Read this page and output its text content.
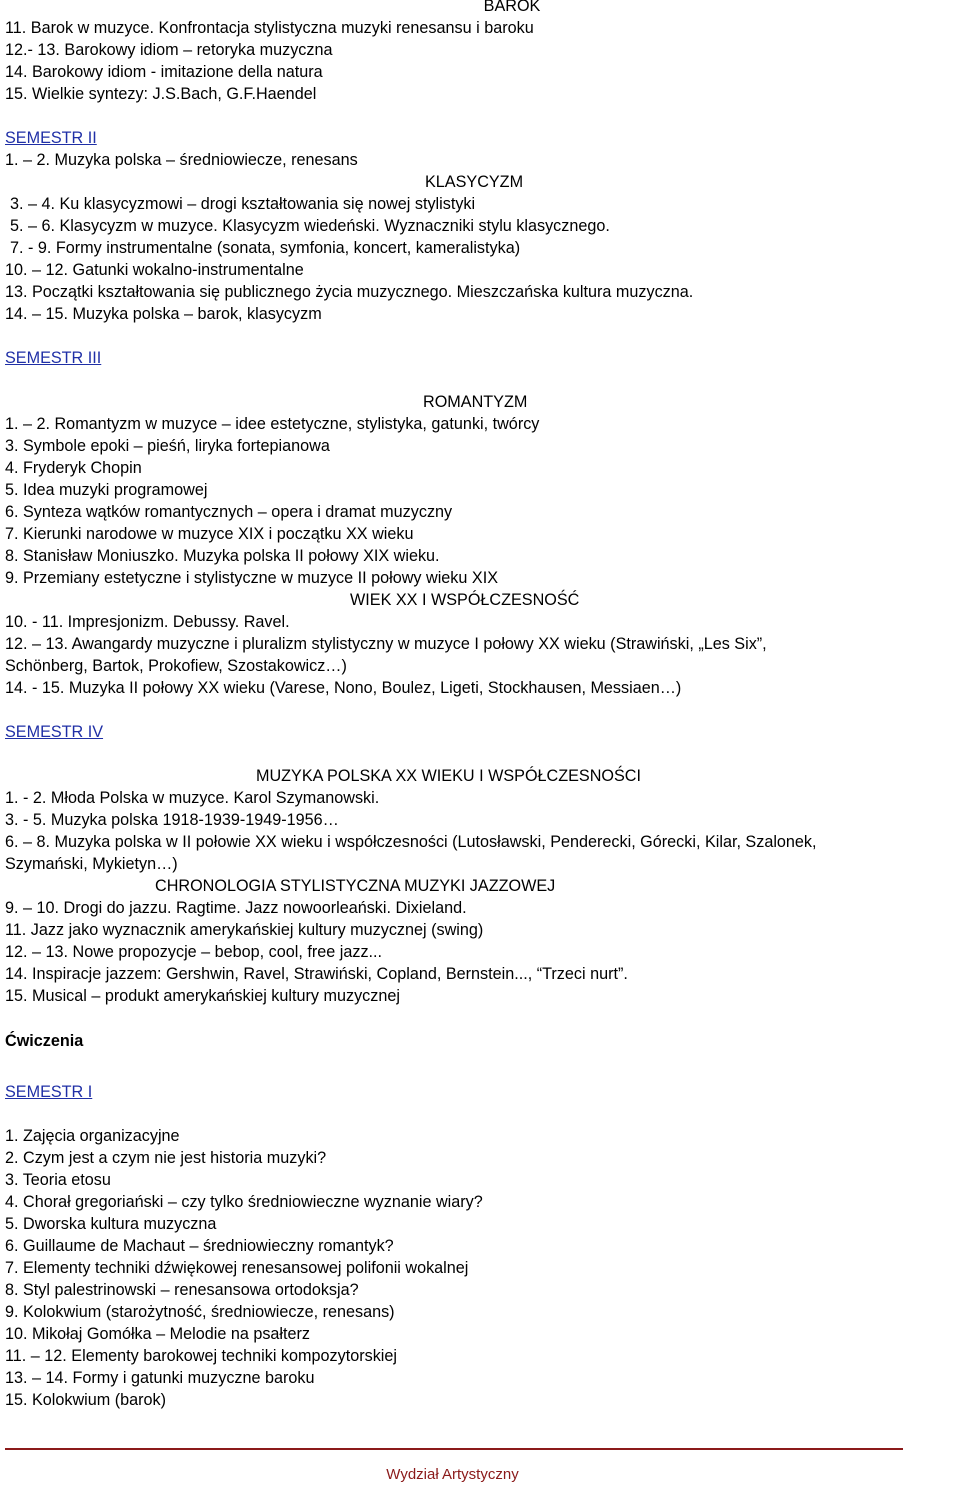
BAROK
11. Barok w muzyce. Konfrontacja stylistyczna muzyki renesansu i baroku
12.- 13. Barokowy idiom – retoryka muzyczna
14. Barokowy idiom - imitazione della natura
15. Wielkie syntezy: J.S.Bach, G.F.Haendel
SEMESTR II
1. – 2. Muzyka polska – średniowiecze, renesans
KLASYCYZM
3. – 4. Ku klasycyzmowi – drogi kształtowania się nowej stylistyki
5. – 6. Klasycyzm w muzyce. Klasycyzm wiedeński. Wyznaczniki stylu klasycznego.
7. - 9. Formy instrumentalne (sonata, symfonia, koncert, kameralistyka)
10. – 12. Gatunki wokalno-instrumentalne
13. Początki kształtowania się publicznego życia muzycznego. Mieszczańska kultura muzyczna.
14. – 15. Muzyka polska – barok, klasycyzm
SEMESTR III
ROMANTYZM
1. – 2. Romantyzm w muzyce – idee estetyczne, stylistyka, gatunki, twórcy
3. Symbole epoki – pieśń, liryka fortepianowa
4. Fryderyk Chopin
5. Idea muzyki programowej
6. Synteza wątków romantycznych – opera i dramat muzyczny
7. Kierunki narodowe w muzyce XIX i początku XX wieku
8. Stanisław Moniuszko. Muzyka polska II połowy XIX wieku.
9. Przemiany estetyczne i stylistyczne w muzyce II połowy wieku XIX
WIEK XX I WSPÓŁCZESNOŚĆ
10. - 11. Impresjonizm. Debussy. Ravel.
12. – 13. Awangardy muzyczne i pluralizm stylistyczny w muzyce I połowy XX wieku (Strawiński, „Les Six”,
Schönberg, Bartok, Prokofiew, Szostakowicz…)
14. - 15. Muzyka II połowy XX wieku (Varese, Nono, Boulez, Ligeti, Stockhausen, Messiaen…)
SEMESTR IV
MUZYKA POLSKA XX WIEKU I WSPÓŁCZESNOŚCI
1. - 2. Młoda Polska w muzyce. Karol Szymanowski.
3. - 5. Muzyka polska 1918-1939-1949-1956…
6. – 8. Muzyka polska w II połowie XX wieku i współczesności (Lutosławski, Penderecki, Górecki, Kilar, Szalonek,
Szymański, Mykietyn…)
CHRONOLOGIA STYLISTYCZNA MUZYKI JAZZOWEJ
9. – 10. Drogi do jazzu. Ragtime. Jazz nowoorleański. Dixieland.
11. Jazz jako wyznacznik amerykańskiej kultury muzycznej (swing)
12. – 13. Nowe propozycje – bebop, cool, free jazz...
14. Inspiracje jazzem: Gershwin, Ravel, Strawiński, Copland, Bernstein..., “Trzeci nurt”.
15. Musical – produkt amerykańskiej kultury muzycznej
Ćwiczenia
SEMESTR I
1. Zajęcia organizacyjne
2. Czym jest a czym nie jest historia muzyki?
3. Teoria etosu
4. Chorał gregoriański – czy tylko średniowieczne wyznanie wiary?
5. Dworska kultura muzyczna
6. Guillaume de Machaut – średniowieczny romantyk?
7. Elementy techniki dźwiękowej renesansowej polifonii wokalnej
8. Styl palestrinowski – renesansowa ortodoksja?
9. Kolokwium (starożytność, średniowiecze, renesans)
10. Mikołaj Gomółka – Melodie na psałterz
11. – 12. Elementy barokowej techniki kompozytorskiej
13. – 14. Formy i gatunki muzyczne baroku
15. Kolokwium (barok)
Wydział Artystyczny
